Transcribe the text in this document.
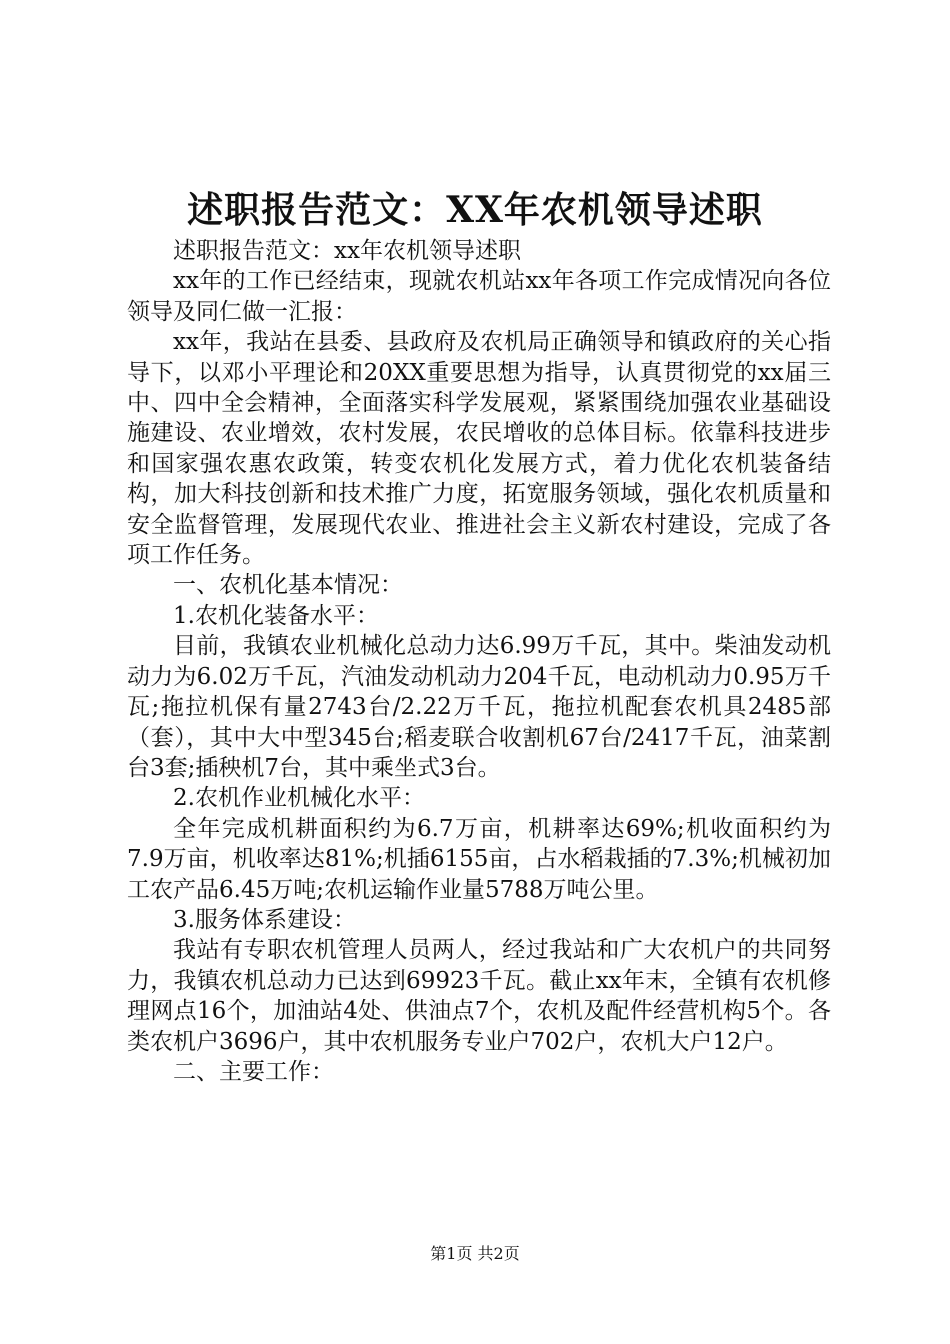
述职报告范文：XX年农机领导述职

述职报告范文：xx年农机领导述职

xx年的工作已经结束，现就农机站xx年各项工作完成情况向各位领导及同仁做一汇报：

xx年，我站在县委、县政府及农机局正确领导和镇政府的关心指导下，以邓小平理论和20XX重要思想为指导，认真贯彻党的xx届三中、四中全会精神，全面落实科学发展观，紧紧围绕加强农业基础设施建设、农业增效，农村发展，农民增收的总体目标。依靠科技进步和国家强农惠农政策，转变农机化发展方式，着力优化农机装备结构，加大科技创新和技术推广力度，拓宽服务领域，强化农机质量和安全监督管理，发展现代农业、推进社会主义新农村建设，完成了各项工作任务。

一、农机化基本情况：

1.农机化装备水平：

目前，我镇农业机械化总动力达6.99万千瓦，其中。柴油发动机动力为6.02万千瓦，汽油发动机动力204千瓦，电动机动力0.95万千瓦;拖拉机保有量2743台/2.22万千瓦，拖拉机配套农机具2485部（套），其中大中型345台;稻麦联合收割机67台/2417千瓦，油菜割台3套;插秧机7台，其中乘坐式3台。

2.农机作业机械化水平：

全年完成机耕面积约为6.7万亩，机耕率达69%;机收面积约为7.9万亩，机收率达81%;机插6155亩，占水稻栽插的7.3%;机械初加工农产品6.45万吨;农机运输作业量5788万吨公里。

3.服务体系建设：

我站有专职农机管理人员两人，经过我站和广大农机户的共同努力，我镇农机总动力已达到69923千瓦。截止xx年末，全镇有农机修理网点16个，加油站4处、供油点7个，农机及配件经营机构5个。各类农机户3696户，其中农机服务专业户702户，农机大户12户。

二、主要工作：

第1页 共2页
